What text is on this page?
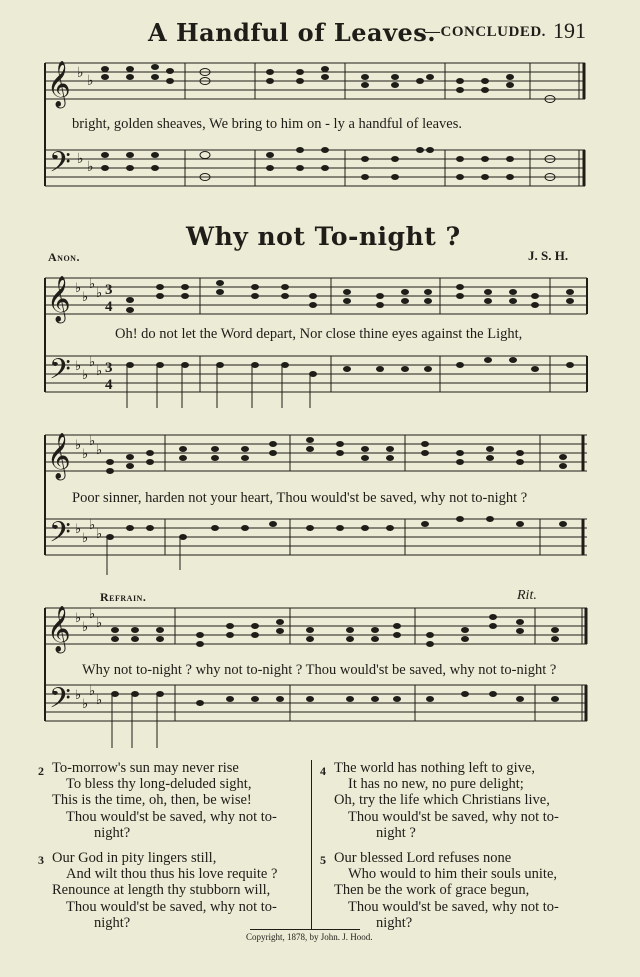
A Handful of Leaves.
—CONCLUDED. 191
𝄞
𝄢
♭
♭
♭
♭
bright, golden sheaves, We bring to him on - ly a handful of leaves.
Why not To-night ?
Anon.	J. S. H.
𝄞
𝄢
♭
♭
♭
♭
♭
♭
♭
♭
3
4
3
4
Oh! do not let the Word depart, Nor close thine eyes against the Light,
𝄞
𝄢
♭
♭
♭
♭
♭
♭
♭
♭
Poor sinner, harden not your heart, Thou would'st be saved, why not to-night ?
Refrain.	Rit.
𝄞
𝄢
♭
♭
♭
♭
♭
♭
♭
♭
Why not to-night ? why not to-night ? Thou would'st be saved, why not to-night ?
2 To-morrow's sun may never rise
To bless thy long-deluded sight,
This is the time, oh, then, be wise!
Thou would'st be saved, why not to-
night?
3 Our God in pity lingers still,
And wilt thou thus his love requite ?
Renounce at length thy stubborn will,
Thou would'st be saved, why not to-
night?
4 The world has nothing left to give,
It has no new, no pure delight;
Oh, try the life which Christians live,
Thou would'st be saved, why not to-
night ?
5 Our blessed Lord refuses none
Who would to him their souls unite,
Then be the work of grace begun,
Thou would'st be saved, why not to-
night?
Copyright, 1878, by John. J. Hood.
